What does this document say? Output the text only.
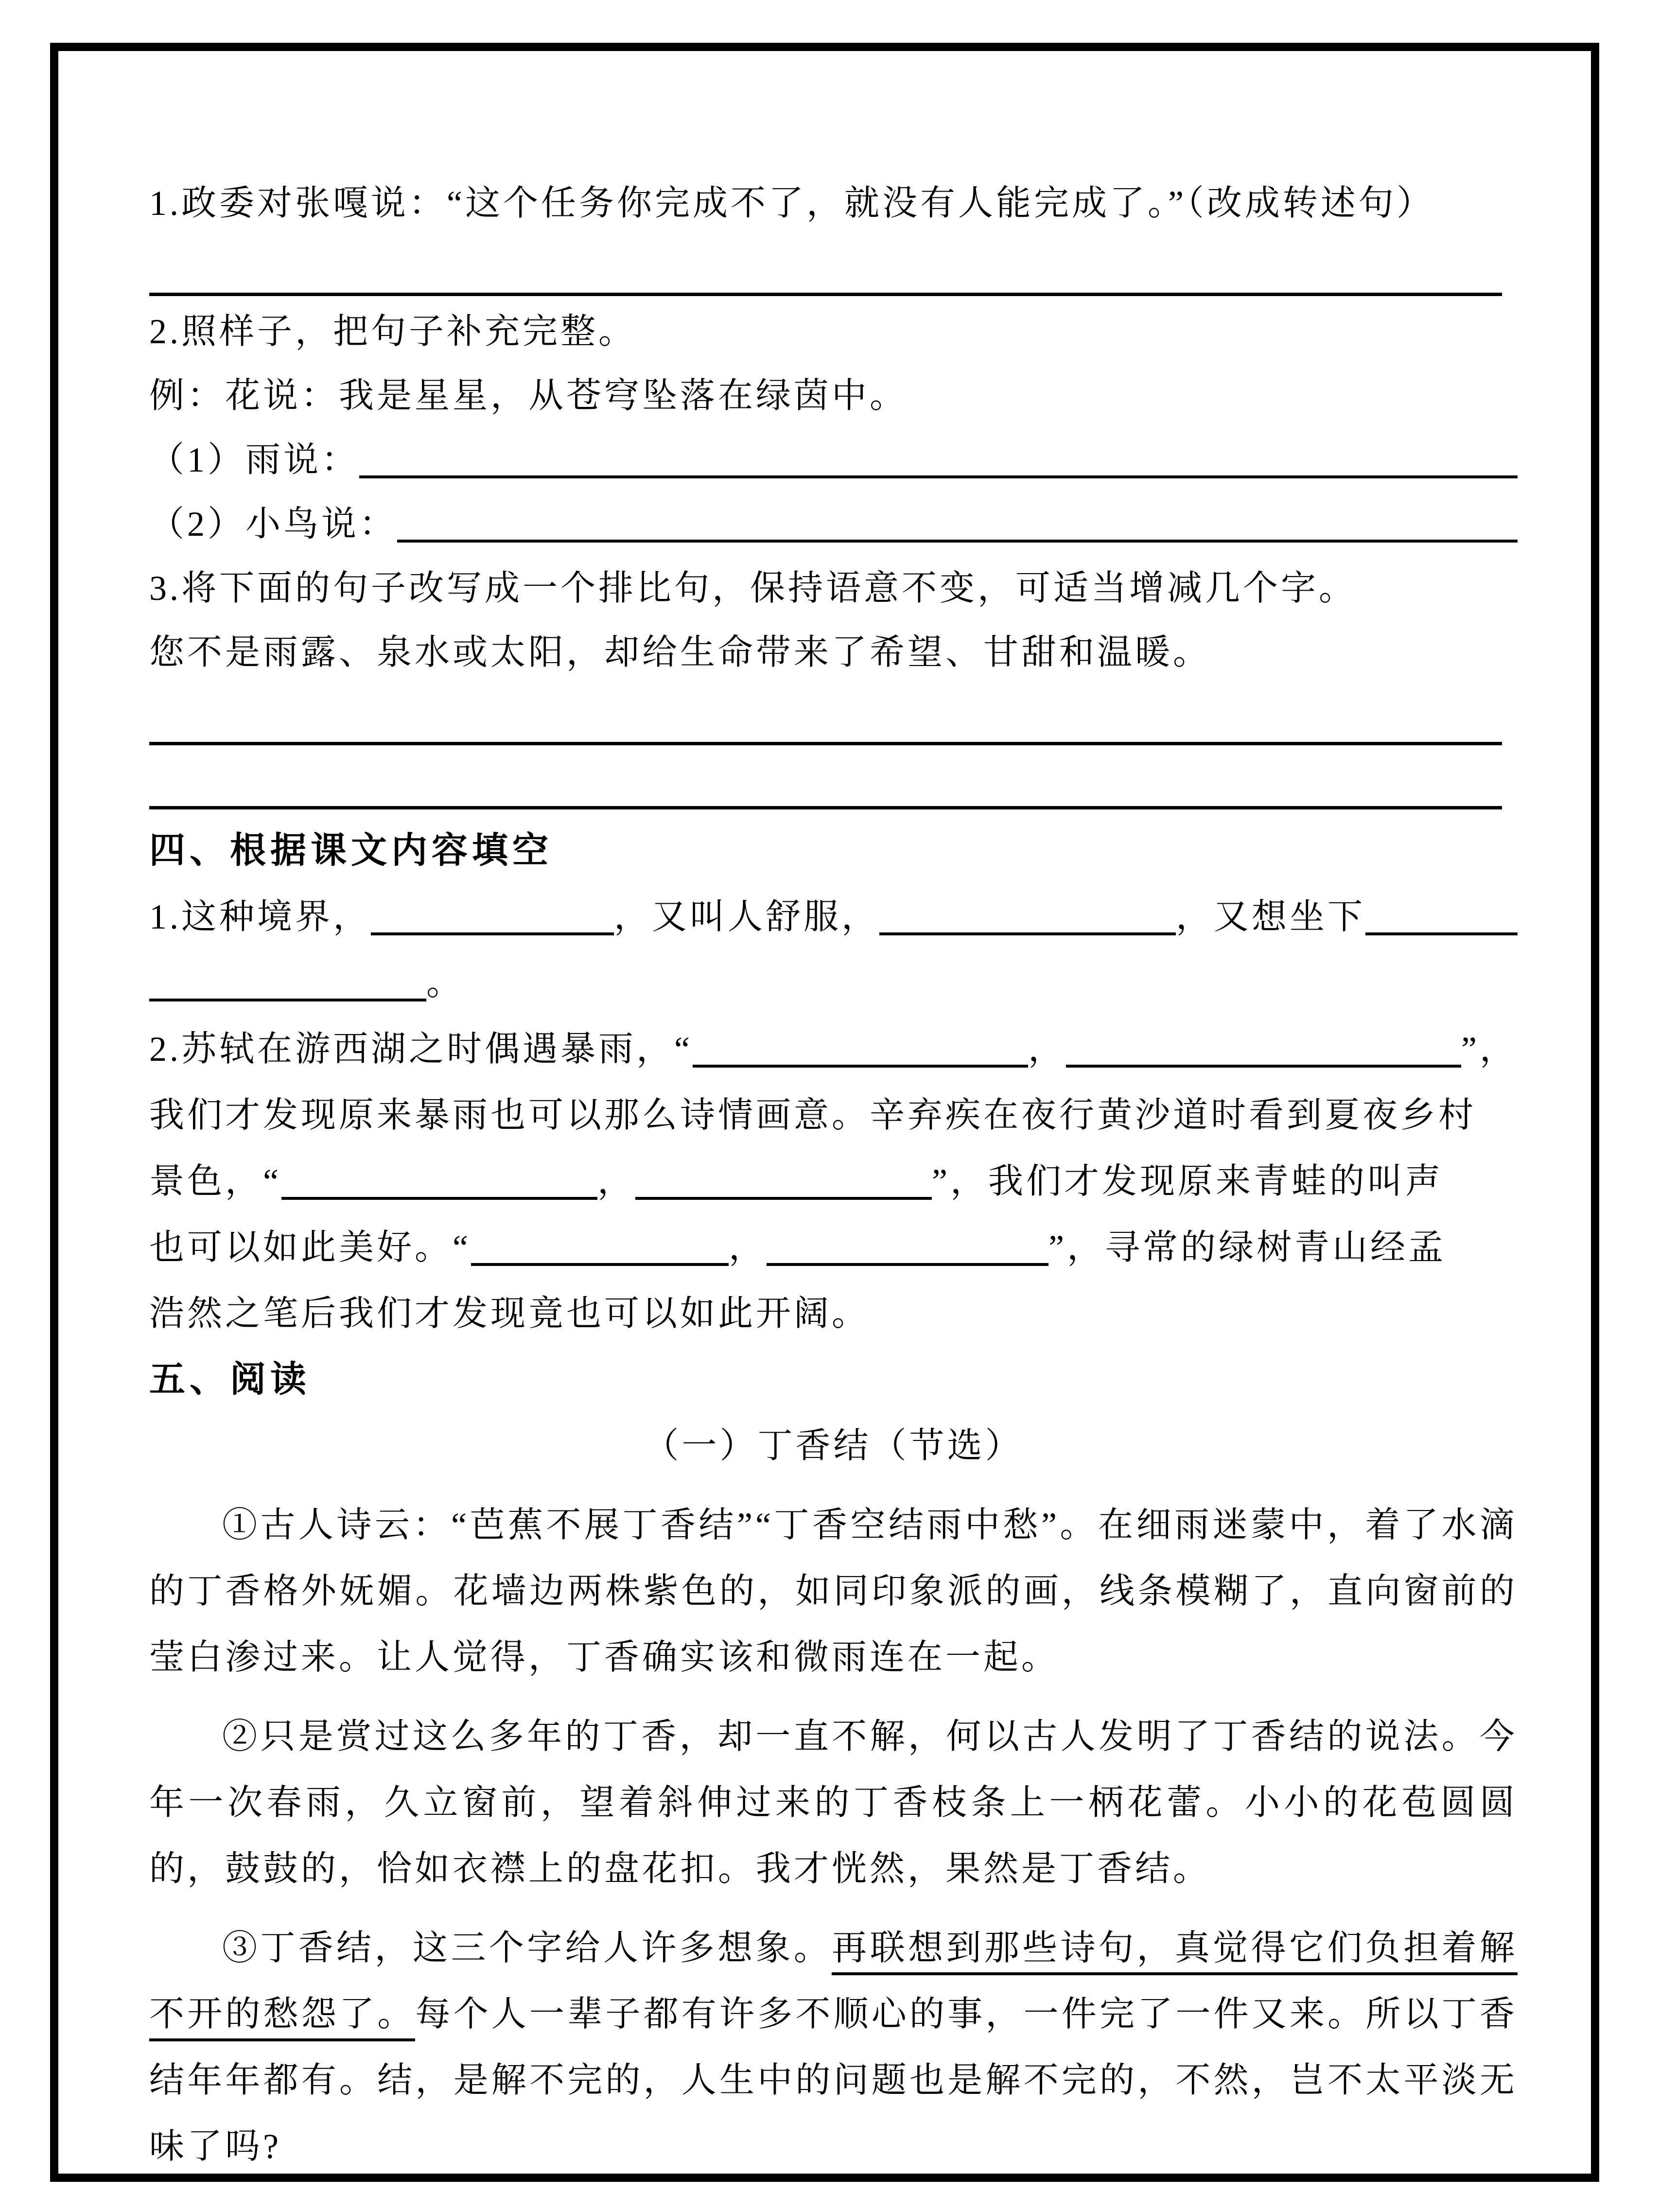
1.政委对张嘎说：“这个任务你完成不了，就没有人能完成了。”（改成转述句）
2.照样子，把句子补充完整。
例：花说：我是星星，从苍穹坠落在绿茵中。
（1）雨说：
（2）小鸟说：
3.将下面的句子改写成一个排比句，保持语意不变，可适当增减几个字。
您不是雨露、泉水或太阳，却给生命带来了希望、甘甜和温暖。
四、根据课文内容填空
1.这种境界，	，又叫人舒服，	，又想坐下
。
2.苏轼在游西湖之时偶遇暴雨，“	，	”，
我们才发现原来暴雨也可以那么诗情画意。辛弃疾在夜行黄沙道时看到夏夜乡村
景色，“	，	”，我们才发现原来青蛙的叫声
也可以如此美好。“	，	”，寻常的绿树青山经孟
浩然之笔后我们才发现竟也可以如此开阔。
五、阅读
（一）丁香结（节选）

①古人诗云：“芭蕉不展丁香结”“丁香空结雨中愁”。在细雨迷蒙中，着了水滴的丁香格外妩媚。花墙边两株紫色的，如同印象派的画，线条模糊了，直向窗前的莹白渗过来。让人觉得，丁香确实该和微雨连在一起。

②只是赏过这么多年的丁香，却一直不解，何以古人发明了丁香结的说法。今年一次春雨，久立窗前，望着斜伸过来的丁香枝条上一柄花蕾。小小的花苞圆圆的，鼓鼓的，恰如衣襟上的盘花扣。我才恍然，果然是丁香结。

③丁香结，这三个字给人许多想象。再联想到那些诗句，真觉得它们负担着解不开的愁怨了。每个人一辈子都有许多不顺心的事，一件完了一件又来。所以丁香结年年都有。结，是解不完的，人生中的问题也是解不完的，不然，岂不太平淡无味了吗?
